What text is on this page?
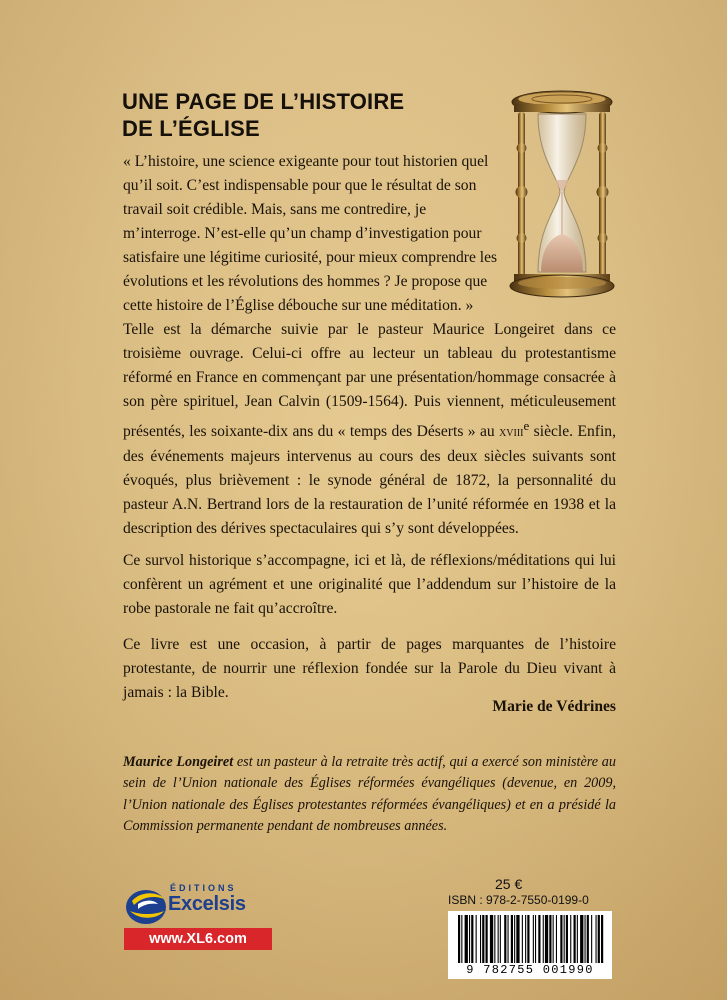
UNE PAGE DE L’HISTOIRE
DE L’ÉGLISE

« L’histoire, une science exigeante pour tout historien quel qu’il soit. C’est indispensable pour que le résultat de son travail soit crédible. Mais, sans me contredire, je m’interroge. N’est-elle qu’un champ d’investigation pour satisfaire une légitime curiosité, pour mieux comprendre les évolutions et les révolutions des hommes ? Je propose que cette histoire de l’Église débouche sur une méditation. »

Telle est la démarche suivie par le pasteur Maurice Longeiret dans ce troisième ouvrage. Celui-ci offre au lecteur un tableau du protestantisme réformé en France en commençant par une présentation/hommage consacrée à son père spirituel, Jean Calvin (1509-1564). Puis viennent, méticuleusement présentés, les soixante-dix ans du « temps des Déserts » au xviii$^e$ siècle. Enfin, des événements majeurs intervenus au cours des deux siècles suivants sont évoqués, plus brièvement : le synode général de 1872, la personnalité du pasteur A.N. Bertrand lors de la restauration de l’unité réformée en 1938 et la description des dérives spectaculaires qui s’y sont développées.

Ce survol historique s’accompagne, ici et là, de réflexions/méditations qui lui confèrent un agrément et une originalité que l’addendum sur l’histoire de la robe pastorale ne fait qu’accroître.

Ce livre est une occasion, à partir de pages marquantes de l’histoire protestante, de nourrir une réflexion fondée sur la Parole du Dieu vivant à jamais : la Bible.

Marie de Védrines

Maurice Longeiret est un pasteur à la retraite très actif, qui a exercé son ministère au sein de l’Union nationale des Églises réformées évangéliques (devenue, en 2009, l’Union nationale des Églises protestantes réformées évangéliques) et en a présidé la Commission permanente pendant de nombreuses années.

ÉDITIONS
Excelsis
www.XL6.com
25 €
ISBN : 978-2-7550-0199-0
9 782755 001990
